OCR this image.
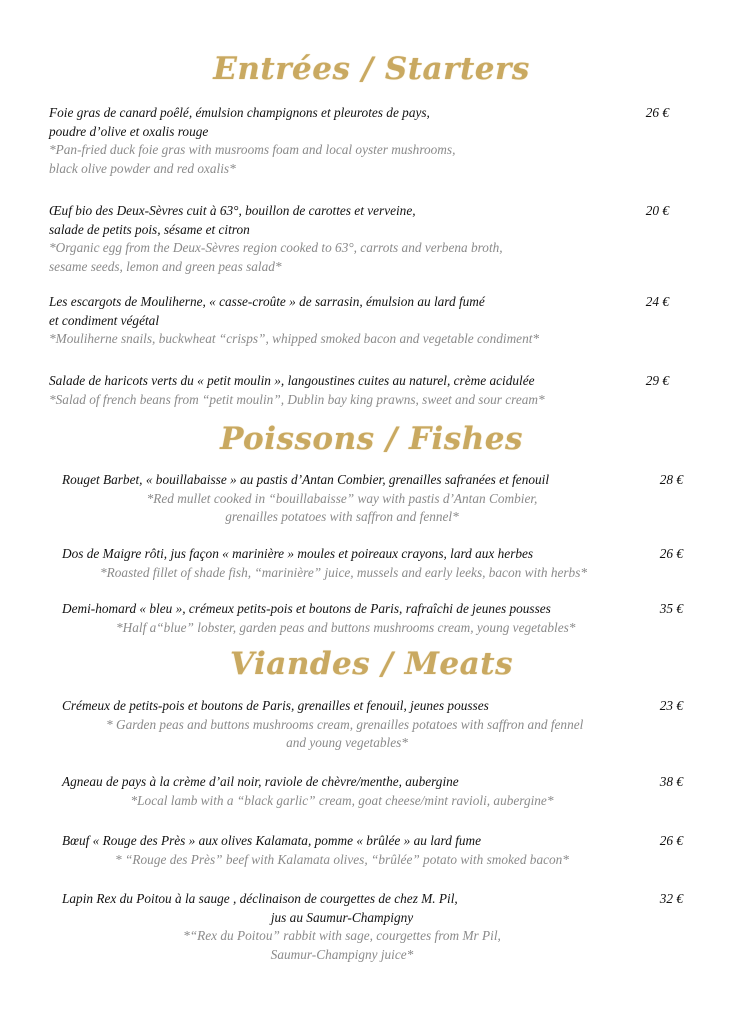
Entrées / Starters
Foie gras de canard poêlé, émulsion champignons et pleurotes de pays,
poudre d’olive et oxalis rouge
*Pan-fried duck foie gras with musrooms foam and local oyster mushrooms,
black olive powder and red oxalis*
26 €
Œuf bio des Deux-Sèvres cuit à 63°, bouillon de carottes et verveine,
salade de petits pois, sésame et citron
*Organic egg from the Deux-Sèvres region cooked to 63°, carrots and verbena broth,
sesame seeds, lemon and green peas salad*
20 €
Les escargots de Mouliherne, « casse-croûte » de sarrasin, émulsion au lard fumé
et condiment végétal
*Mouliherne snails, buckwheat “crisps”, whipped smoked bacon and vegetable condiment*
24 €
Salade de haricots verts du « petit moulin », langoustines cuites au naturel, crème acidulée
*Salad of french beans from “petit moulin”, Dublin bay king prawns, sweet and sour cream*
29 €
Poissons / Fishes
Rouget Barbet, « bouillabaisse » au pastis d’Antan Combier, grenailles safranées et fenouil
*Red mullet cooked in “bouillabaisse” way with pastis d’Antan Combier,
grenailles potatoes with saffron and fennel*
28 €
Dos de Maigre rôti, jus façon « marinière » moules et poireaux crayons, lard aux herbes
*Roasted fillet of shade fish, “marinière” juice, mussels and early leeks, bacon with herbs*
26 €
Demi-homard « bleu », crémeux petits-pois et boutons de Paris, rafraîchi de jeunes pousses
*Half a“blue” lobster, garden peas and buttons mushrooms cream, young vegetables*
35 €
Viandes / Meats
Crémeux de petits-pois et boutons de Paris, grenailles et fenouil, jeunes pousses
* Garden peas and buttons mushrooms cream, grenailles potatoes with saffron and fennel
and young vegetables*
23 €
Agneau de pays à la crème d’ail noir, raviole de chèvre/menthe, aubergine
*Local lamb with a “black garlic” cream, goat cheese/mint ravioli, aubergine*
38 €
Bœuf « Rouge des Près » aux olives Kalamata, pomme « brûlée » au lard fume
* “Rouge des Près” beef with Kalamata olives, “brûlée” potato with smoked bacon*
26 €
Lapin Rex du Poitou à la sauge , déclinaison de courgettes de chez M. Pil,
jus au Saumur-Champigny
*“Rex du Poitou” rabbit with sage, courgettes from Mr Pil,
Saumur-Champigny juice*
32 €
